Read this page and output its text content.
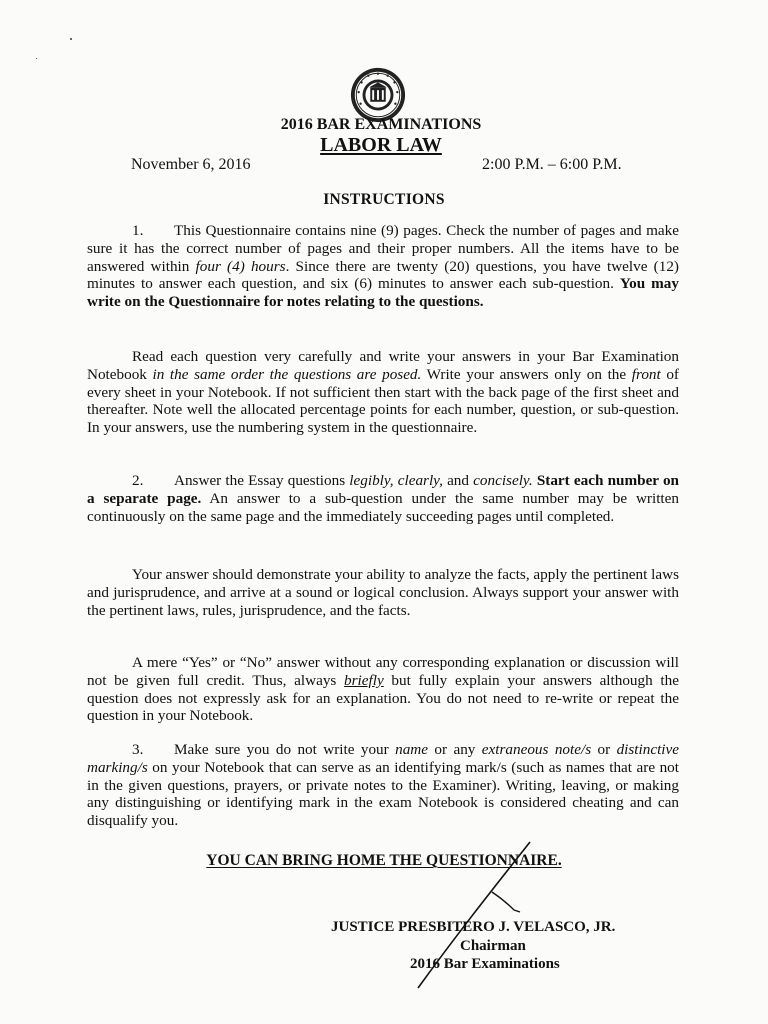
2016 BAR EXAMINATIONS
LABOR LAW
November 6, 2016	2:00 P.M. – 6:00 P.M.
INSTRUCTIONS

1. This Questionnaire contains nine (9) pages. Check the number of pages and make sure it has the correct number of pages and their proper numbers. All the items have to be answered within four (4) hours. Since there are twenty (20) questions, you have twelve (12) minutes to answer each question, and six (6) minutes to answer each sub-question. You may write on the Questionnaire for notes relating to the questions.

Read each question very carefully and write your answers in your Bar Examination Notebook in the same order the questions are posed. Write your answers only on the front of every sheet in your Notebook. If not sufficient then start with the back page of the first sheet and thereafter. Note well the allocated percentage points for each number, question, or sub-question. In your answers, use the numbering system in the questionnaire.

2. Answer the Essay questions legibly, clearly, and concisely. Start each number on a separate page. An answer to a sub-question under the same number may be written continuously on the same page and the immediately succeeding pages until completed.

Your answer should demonstrate your ability to analyze the facts, apply the pertinent laws and jurisprudence, and arrive at a sound or logical conclusion. Always support your answer with the pertinent laws, rules, jurisprudence, and the facts.

A mere “Yes” or “No” answer without any corresponding explanation or discussion will not be given full credit. Thus, always briefly but fully explain your answers although the question does not expressly ask for an explanation. You do not need to re-write or repeat the question in your Notebook.

3. Make sure you do not write your name or any extraneous note/s or distinctive marking/s on your Notebook that can serve as an identifying mark/s (such as names that are not in the given questions, prayers, or private notes to the Examiner). Writing, leaving, or making any distinguishing or identifying mark in the exam Notebook is considered cheating and can disqualify you.

YOU CAN BRING HOME THE QUESTIONNAIRE.
JUSTICE PRESBITERO J. VELASCO, JR.
Chairman
2016 Bar Examinations
